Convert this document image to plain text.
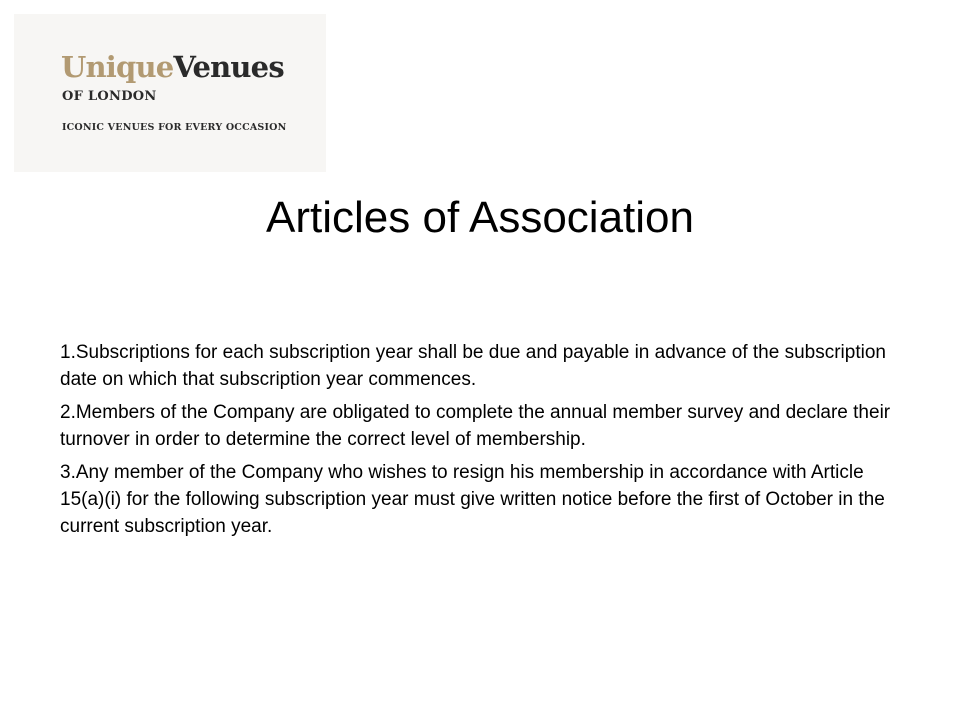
UniqueVenues
OF LONDON
ICONIC VENUES FOR EVERY OCCASION
Articles of Association
1.Subscriptions for each subscription year shall be due and payable in advance of the subscription date on which that subscription year commences.
2.Members of the Company are obligated to complete the annual member survey and declare their turnover in order to determine the correct level of membership.
3.Any member of the Company who wishes to resign his membership in accordance with Article 15(a)(i) for the following subscription year must give written notice before the first of October in the current subscription year.
